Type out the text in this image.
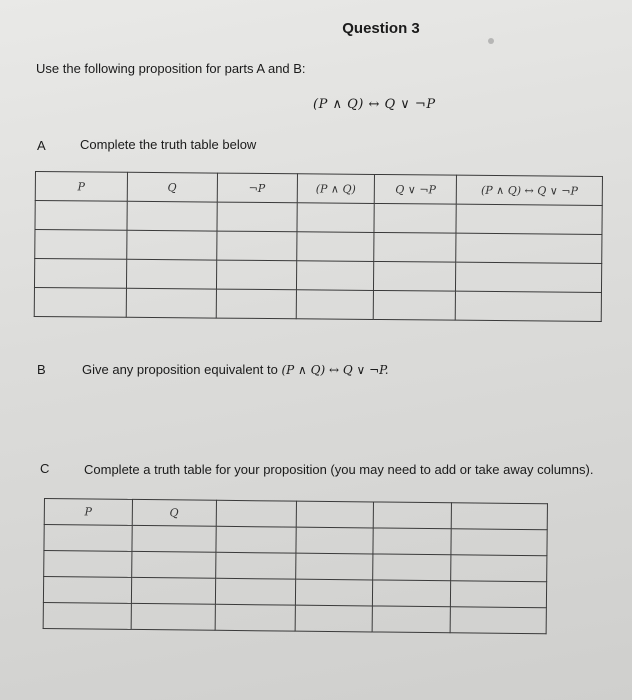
Question 3
Use the following proposition for parts A and B:
(P ∧ Q) ↔ Q ∨ ¬P
A	Complete the truth table below
P	Q	¬P	(P ∧ Q)	Q ∨ ¬P	(P ∧ Q) ↔ Q ∨ ¬P

B	Give any proposition equivalent to (P ∧ Q) ↔ Q ∨ ¬P.
C	Complete a truth table for your proposition (you may need to add or take away columns).
P	Q				
